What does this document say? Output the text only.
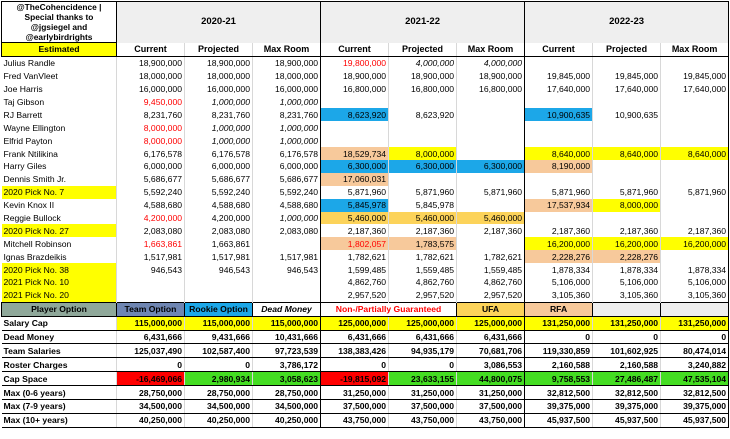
@TheCohencidence | Special thanks to @jgsiegel and @earlybirdrights	2020-21			2021-22			2022-23			
Estimated	Current	Projected	Max Room	Current	Projected	Max Room	Current	Projected	Max Room	
Julius Randle	18,900,000	18,900,000	18,900,000	19,800,000	4,000,000	4,000,000				
Fred VanVleet	18,000,000	18,000,000	18,000,000	18,900,000	18,900,000	18,900,000	19,845,000	19,845,000	19,845,000	
Joe Harris	16,000,000	16,000,000	16,000,000	16,800,000	16,800,000	16,800,000	17,640,000	17,640,000	17,640,000	
Taj Gibson	9,450,000	1,000,000	1,000,000							
RJ Barrett	8,231,760	8,231,760	8,231,760	8,623,920	8,623,920		10,900,635	10,900,635		
Wayne Ellington	8,000,000	1,000,000	1,000,000							
Elfrid Payton	8,000,000	1,000,000	1,000,000							
Frank Ntilikina	6,176,578	6,176,578	6,176,578	18,529,734	8,000,000		8,640,000	8,640,000	8,640,000	
Harry Giles	6,000,000	6,000,000	6,000,000	6,300,000	6,300,000	6,300,000	8,190,000			
Dennis Smith Jr.	5,686,677	5,686,677	5,686,677	17,060,031						
2020 Pick No. 7	5,592,240	5,592,240	5,592,240	5,871,960	5,871,960	5,871,960	5,871,960	5,871,960	5,871,960	
Kevin Knox II	4,588,680	4,588,680	4,588,680	5,845,978	5,845,978		17,537,934	8,000,000		
Reggie Bullock	4,200,000	4,200,000	1,000,000	5,460,000	5,460,000	5,460,000				
2020 Pick No. 27	2,083,080	2,083,080	2,083,080	2,187,360	2,187,360	2,187,360	2,187,360	2,187,360	2,187,360	
Mitchell Robinson	1,663,861	1,663,861		1,802,057	1,783,575		16,200,000	16,200,000	16,200,000	
Ignas Brazdeikis	1,517,981	1,517,981	1,517,981	1,782,621	1,782,621	1,782,621	2,228,276	2,228,276		
2020 Pick No. 38	946,543	946,543	946,543	1,599,485	1,559,485	1,559,485	1,878,334	1,878,334	1,878,334	
2021 Pick No. 10				4,862,760	4,862,760	4,862,760	5,106,000	5,106,000	5,106,000	
2021 Pick No. 20				2,957,520	2,957,520	2,957,520	3,105,360	3,105,360	3,105,360	
Player Option	Team Option	Rookie Option	Dead Money	Non-/Partially Guaranteed		UFA	RFA			
Salary Cap	115,000,000	115,000,000	115,000,000	125,000,000	125,000,000	125,000,000	131,250,000	131,250,000	131,250,000	
Dead Money	6,431,666	9,431,666	10,431,666	6,431,666	6,431,666	6,431,666	0	0	0	
Team Salaries	125,037,490	102,587,400	97,723,539	138,383,426	94,935,179	70,681,706	119,330,859	101,602,925	80,474,014	
Roster Charges	0	0	3,786,172	0	0	3,086,553	2,160,588	2,160,588	3,240,882	
Cap Space	-16,469,066	2,980,934	3,058,623	-19,815,092	23,633,155	44,800,075	9,758,553	27,486,487	47,535,104	
Max (0-6 years)	28,750,000	28,750,000	28,750,000	31,250,000	31,250,000	31,250,000	32,812,500	32,812,500	32,812,500	
Max (7-9 years)	34,500,000	34,500,000	34,500,000	37,500,000	37,500,000	37,500,000	39,375,000	39,375,000	39,375,000	
Max (10+ years)	40,250,000	40,250,000	40,250,000	43,750,000	43,750,000	43,750,000	45,937,500	45,937,500	45,937,500	
